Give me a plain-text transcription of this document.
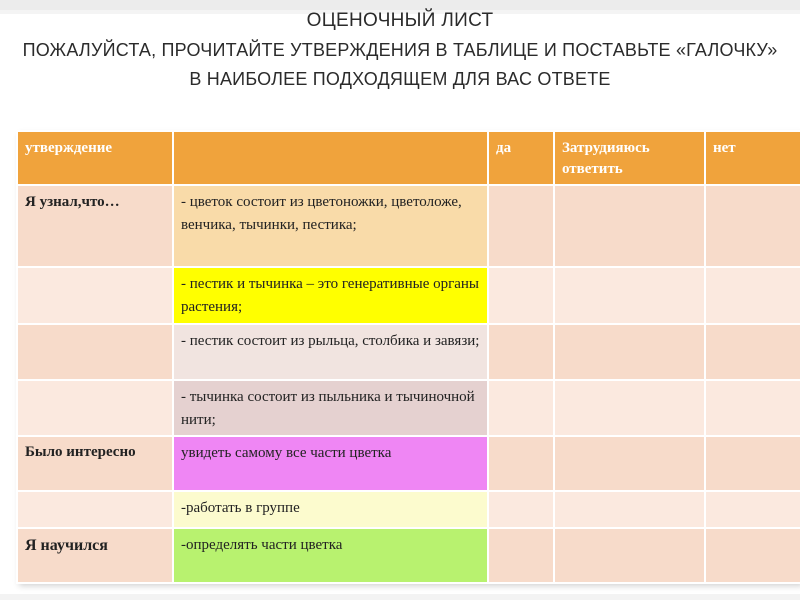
ОЦЕНОЧНЫЙ ЛИСТ
ПОЖАЛУЙСТА, ПРОЧИТАЙТЕ УТВЕРЖДЕНИЯ В ТАБЛИЦЕ И ПОСТАВЬТЕ «ГАЛОЧКУ» В НАИБОЛЕЕ ПОДХОДЯЩЕМ ДЛЯ ВАС ОТВЕТЕ
утверждение		да	Затрудияюсь ответить	нет
Я узнал,что…	- цветок состоит из цветоножки, цветоложе, венчика, тычинки, пестика;			
	- пестик и тычинка – это генеративные органы растения;			
	- пестик состоит из рыльца, столбика и завязи;			
	- тычинка состоит из пыльника и тычиночной нити;			
Было интересно	увидеть самому все части цветка			
	-работать в группе			
Я научился	-определять части цветка			
